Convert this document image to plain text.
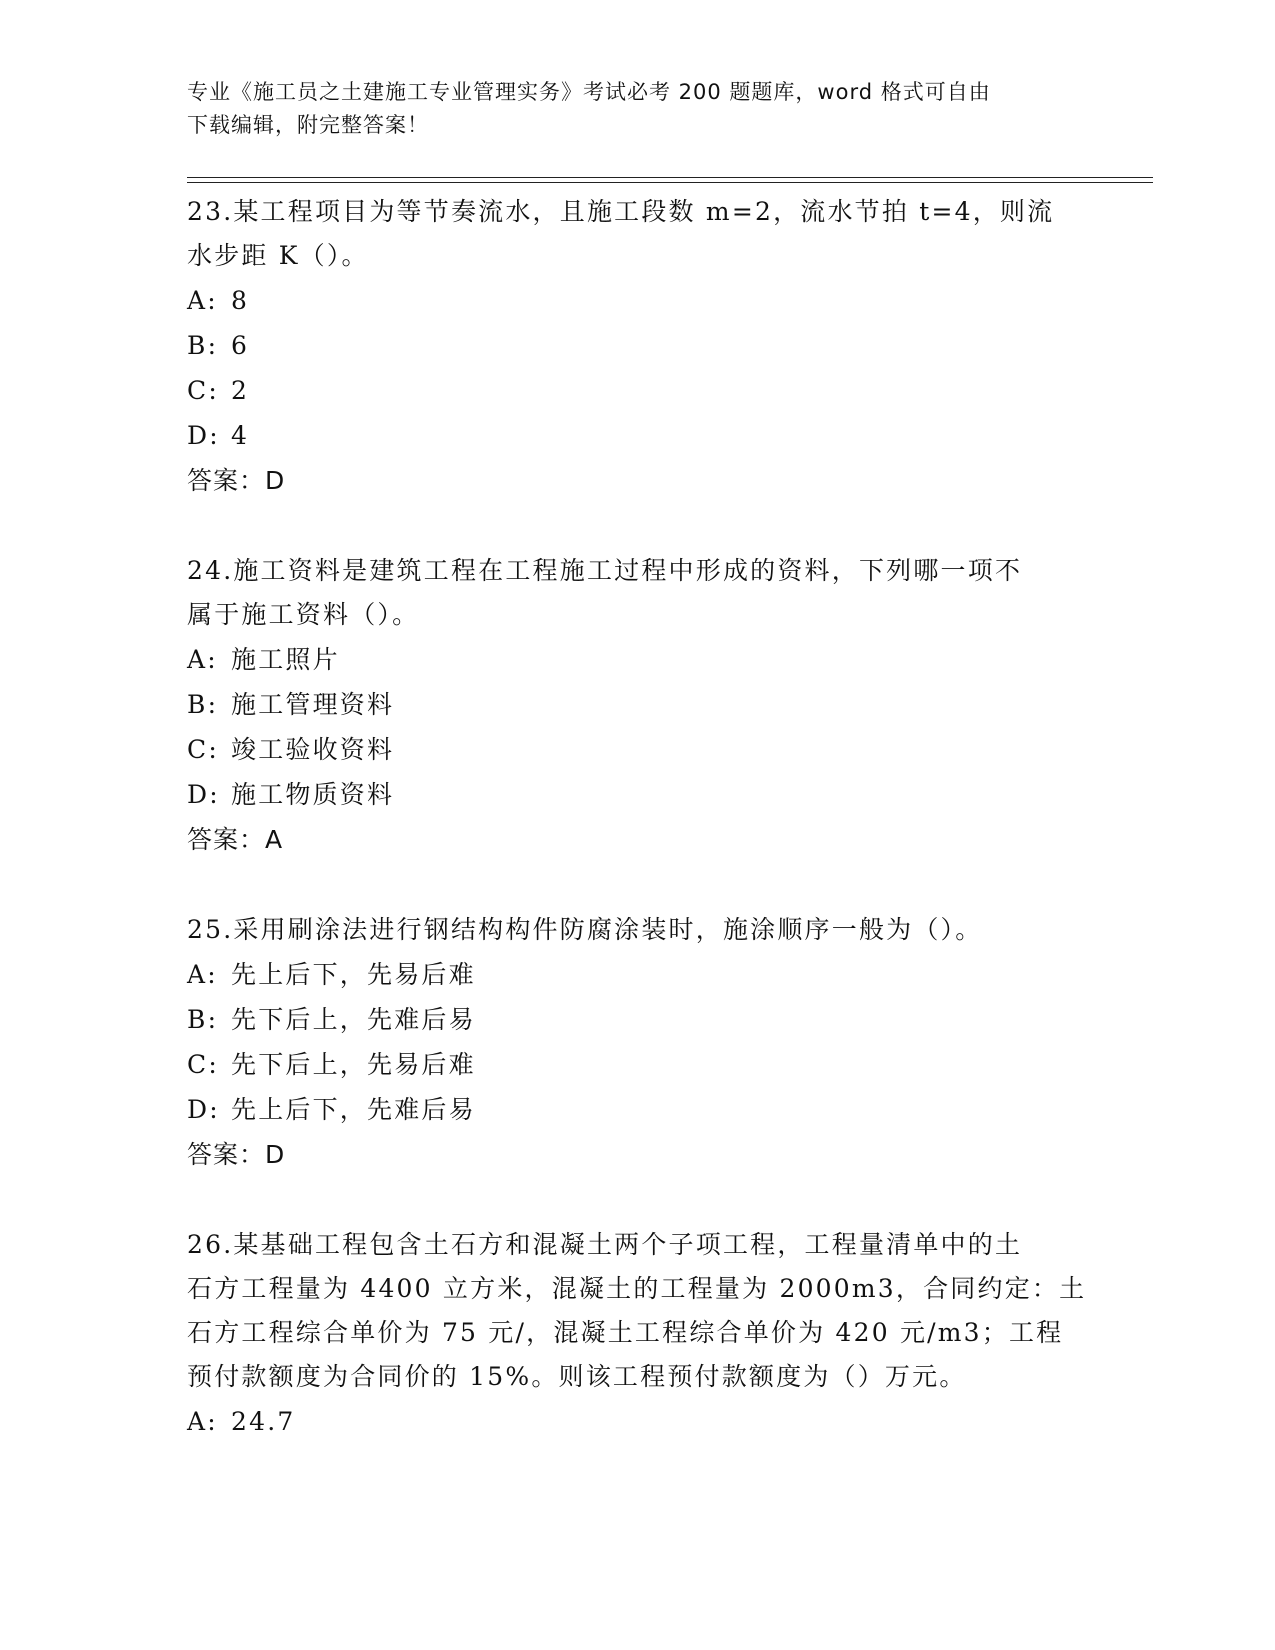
专业《施工员之土建施工专业管理实务》考试必考 200 题题库，word 格式可自由
下载编辑，附完整答案！

23.某工程项目为等节奏流水，且施工段数 m=2，流水节拍 t=4，则流

水步距 K（）。

A: 8

B: 6

C: 2

D: 4

答案：D

24.施工资料是建筑工程在工程施工过程中形成的资料，下列哪一项不

属于施工资料（）。

A: 施工照片

B: 施工管理资料

C: 竣工验收资料

D: 施工物质资料

答案：A

25.采用刷涂法进行钢结构构件防腐涂装时，施涂顺序一般为（）。

A: 先上后下，先易后难

B: 先下后上，先难后易

C: 先下后上，先易后难

D: 先上后下，先难后易

答案：D

26.某基础工程包含土石方和混凝土两个子项工程，工程量清单中的土

石方工程量为 4400 立方米，混凝土的工程量为 2000m3，合同约定：土

石方工程综合单价为 75 元/，混凝土工程综合单价为 420 元/m3；工程

预付款额度为合同价的 15%。则该工程预付款额度为（）万元。

A: 24.7
